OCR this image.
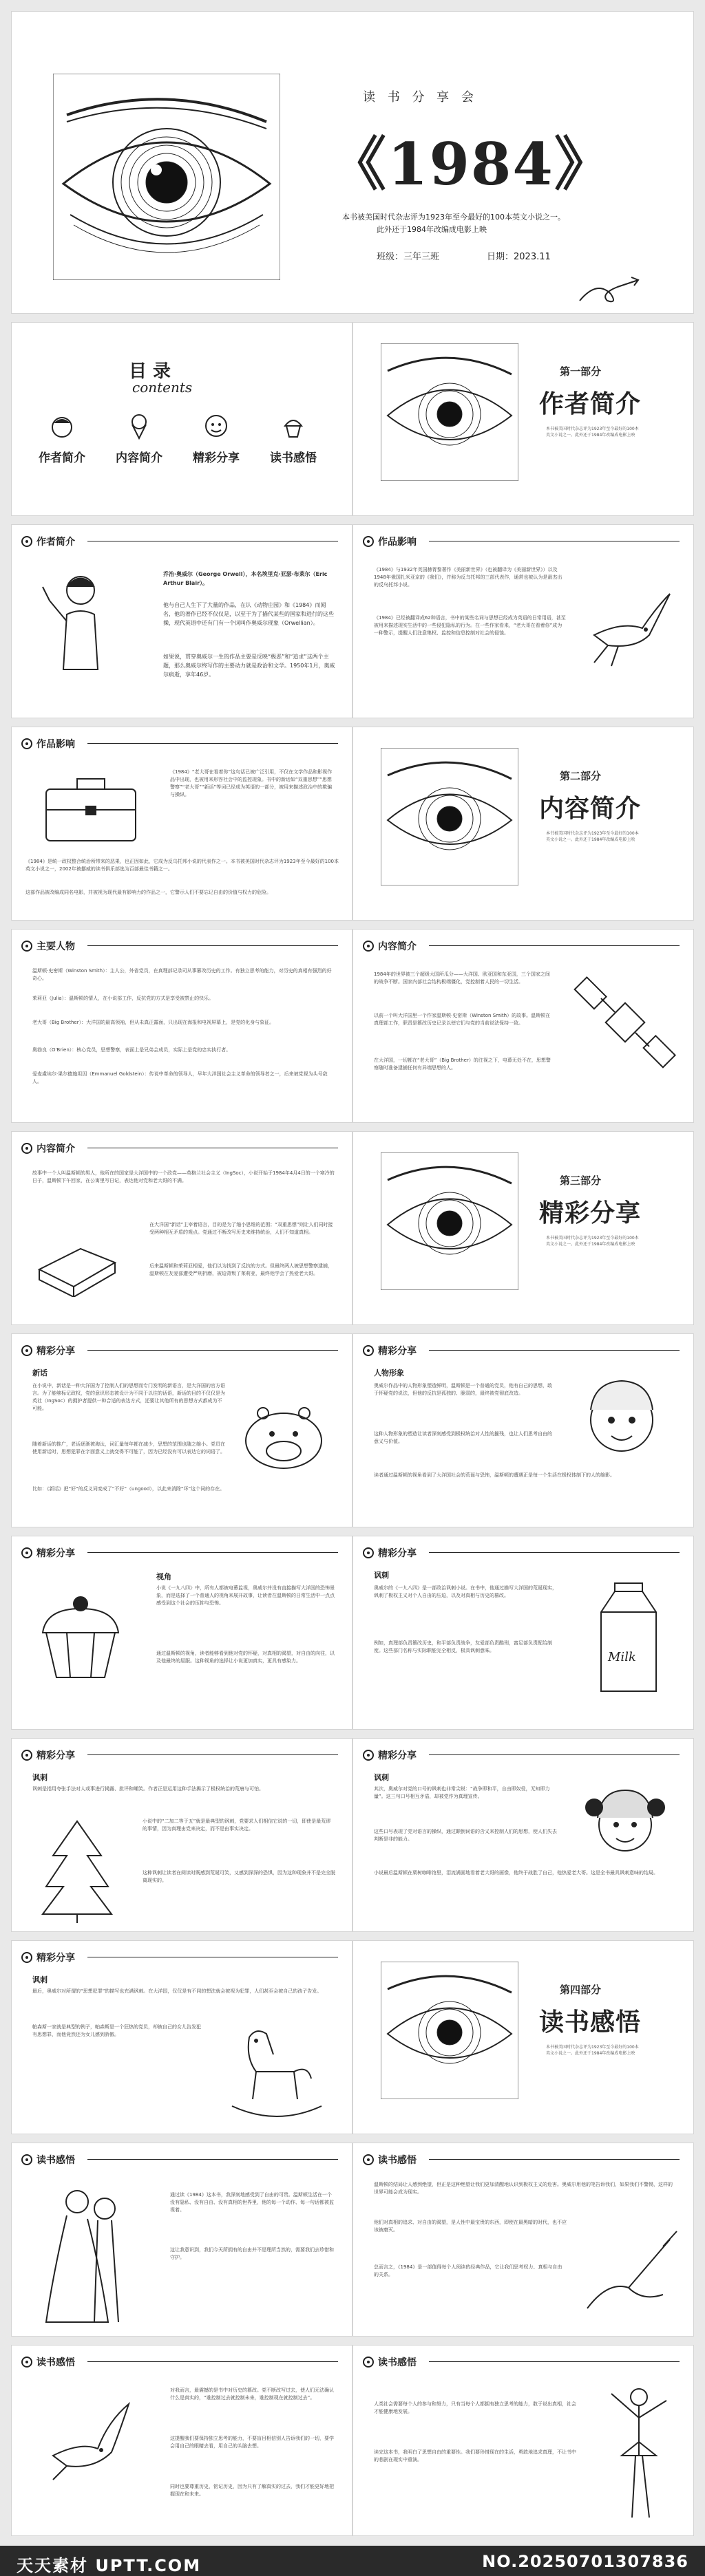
读 书 分 享 会
《1984》
本书被美国时代杂志评为1923年至今最好的100本英文小说之一。
此外还于1984年改编成电影上映
班级：三年三班	日期：2023.11
目 录
contents
作者简介	内容简介	精彩分享	读书感悟
第一部分
作者简介
本书被美国时代杂志评为1923年至今最好的100本英文小说之一。此外还于1984年改编成电影上映
作者简介
乔治·奥威尔（George Orwell），本名埃里克·亚瑟·布莱尔（Eric Arthur Blair）。
他与自己人生下了大量的作品，在认《动物庄园》和《1984》而闻名，他的著作已经不仅仅是，以至于为了描代某些的国家和进行的这些操，现代英语中还有门有一个词叫作奥威尔现象（Orwellian）。
如果说，贯穿奥威尔一生的作品主要是反映“极恶”和“追求”这两个主题，那么奥威尔终写作的主要动力就是政治和文学。1950年1月，奥威尔病逝，享年46岁。
作品影响
《1984》与1932年英国赫胥黎著作《美丽新世界》（也被翻译为《美丽新世界》）以及1948年俄国扎米亚京的《我们》，并称为反乌托邦的三部代表作，通常也被认为是最杰出的反乌托邦小说。
《1984》已经被翻译成62种语言，书中的某些名词与思想已经成为英语的日常用语，甚至被用来描述现实生活中的一些侵犯隐私的行为。在一些作家看来，“老大哥在看着你”成为一种警示，提醒人们注意集权、监控和信息控制对社会的侵蚀。
作品影响
《1984》“老大哥在看着你”这句话已被广泛引用，不仅在文学作品和影视作品中出现，也被用来形容社会中的监控现象。书中的新话如“双重思想”“思想警察”“老大哥”“新话”等词已经成为英语的一部分，被用来描述政治中的欺骗与操纵。
《1984》是统一政权整合统治所带来的恶果，也正因如此，它成为反乌托邦小说的代表作之一。本书被美国时代杂志评为1923年至今最好的100本英文小说之一，2002年被挪威的读书俱乐部选为百部最佳书籍之一。
这部作品被改编成同名电影，并被视为现代最有影响力的作品之一，它警示人们不要忘记自由的价值与权力的危险。
第二部分
内容简介
本书被美国时代杂志评为1923年至今最好的100本英文小说之一。此外还于1984年改编成电影上映
主要人物
温斯顿·史密斯（Winston Smith）：主人公，外省党员，在真理部记录司从事篡改历史的工作。有独立思考的能力，对历史的真相有强烈的好奇心。
茱莉亚（Julia）：温斯顿的情人，在小说部工作，反抗党的方式是享受被禁止的快乐。
老大哥（Big Brother）：大洋国的最高领袖，但从未真正露面，只出现在海报和电视屏幕上，是党的化身与象征。
奥勃良（O'Brien）：核心党员，思想警察，表面上是兄弟会成员，实际上是党的忠实执行者。
爱麦虞埃尔·果尔德施坦因（Emmanuel Goldstein）：传说中革命的领导人，早年大洋国社会主义革命的领导者之一，后来被党视为头号敌人。
内容简介
1984年的世界被三个超级大国所瓜分——大洋国、欧亚国和东亚国，三个国家之间的战争不断。国家内部社会结构极端僵化，党控制着人民的一切生活。
以前一个叫大洋国里一个作家温斯顿·史密斯（Winston Smith）的故事。温斯顿在真理部工作，职责是篡改历史记录以使它们与党的当前说法保持一致。
在大洋国，一切都在“老大哥”（Big Brother）的注视之下，电幕无处不在，思想警察随时准备逮捕任何有异端思想的人。
内容简介
故事中一个人叫温斯顿的男人，他所在的国家是大洋国中的一个政党——英格兰社会主义（IngSoc），小说开始于1984年4月4日的一个寒冷的日子，温斯顿下午回家，在公寓里写日记，表达他对党和老大哥的不满。
在大洋国“新话”主宰着语言，目的是为了缩小思维的范围；“双重思想”则让人们同时接受两种相互矛盾的观点。党通过不断改写历史来维持统治，人们不知道真相。
后来温斯顿和茱莉亚相爱，他们以为找到了反抗的方式。但最终两人被思想警察逮捕，温斯顿在友爱部遭受严刑折磨，被迫背叛了茱莉亚，最终他学会了热爱老大哥。
第三部分
精彩分享
本书被美国时代杂志评为1923年至今最好的100本英文小说之一。此外还于1984年改编成电影上映
精彩分享
新话
在小说中，新话是一种大洋国为了控制人们的思想而专门发明的新语言，是大洋国的官方语言。为了能够标记政权，党的意识形态被设计为不同于以往的话语，新话的目的不仅仅是为英社（IngSoc）的拥护者提供一种合适的表达方式，还要让其他所有的思想方式都成为不可能。
随着新话的推广，老话逐渐被淘汰，词汇量每年都在减少，思想的范围也随之缩小。党员在使用新话时，思想犯罪在字面意义上就变得不可能了，因为已经没有可以表达它的词语了。
比如：《新话》把“好”的反义词变成了“不好”（ungood），以此来消除“坏”这个词的存在。
精彩分享
人物形象
奥威尔作品中的人物形象塑造鲜明，温斯顿是一个普通的党员，他有自己的思想，敢于怀疑党的说法，但他的反抗是孤独的、脆弱的，最终被党彻底改造。
这种人物形象的塑造让读者深刻感受到极权统治对人性的摧残，也让人们思考自由的意义与价值。
读者通过温斯顿的视角看到了大洋国社会的荒诞与恐怖，温斯顿的遭遇正是每一个生活在极权体制下的人的缩影。
精彩分享
视角
小说《一九八四》中，所有人都被电幕监视，奥威尔并没有直接描写大洋国的恐怖景象，而是选择了一个普通人的视角来展开故事，让读者在温斯顿的日常生活中一点点感受到这个社会的压抑与恐怖。
通过温斯顿的视角，读者能够看到他对党的怀疑，对真相的渴望，对自由的向往，以及他最终的屈服。这种视角的选择让小说更加真实，更具有感染力。
精彩分享
讽刺
奥威尔的《一九八四》是一部政治讽刺小说。在书中，他通过描写大洋国的荒诞现实，讽刺了极权主义对个人自由的压迫，以及对真相与历史的篡改。
例如，真理部负责篡改历史，和平部负责战争，友爱部负责酷刑，富足部负责配给制度。这些部门名称与实际职能完全相反，极具讽刺意味。	Milk
精彩分享
讽刺
讽刺是指用夸张手法对人或事进行揭露、批评和嘲笑。作者正是运用这种手法揭示了极权统治的荒唐与可怕。
小说中的“二加二等于五”就是最典型的讽刺，党要求人们相信它说的一切，即使是最荒谬的事情，因为真理由党来决定，而不是由事实决定。
这种讽刺让读者在阅读时既感到荒诞可笑，又感到深深的恐惧，因为这种现象并不是完全脱离现实的。
精彩分享
讽刺
其次，奥威尔对党的口号的讽刺也非常尖锐：“战争即和平，自由即奴役，无知即力量”。这三句口号相互矛盾，却被党作为真理宣传。
这些口号表现了党对语言的操纵，通过颠倒词语的含义来控制人们的思想，使人们失去判断是非的能力。
小说最后温斯顿在栗树咖啡馆里，泪流满面地看着老大哥的画像，他终于战胜了自己，他热爱老大哥。这是全书最具讽刺意味的结局。
精彩分享
讽刺
最后，奥威尔对所谓的“思想犯罪”的描写也充满讽刺。在大洋国，仅仅是有不同的想法就会被视为犯罪，人们甚至会被自己的孩子告发。
帕森斯一家就是典型的例子，帕森斯是一个狂热的党员，却被自己的女儿告发犯有思想罪，而他竟然还为女儿感到骄傲。
第四部分
读书感悟
本书被美国时代杂志评为1923年至今最好的100本英文小说之一。此外还于1984年改编成电影上映
读书感悟
通过读《1984》这本书，我深刻地感受到了自由的可贵。温斯顿生活在一个没有隐私、没有自由、没有真相的世界里，他的每一个动作、每一句话都被监视着。
这让我意识到，我们今天所拥有的自由并不是理所当然的，需要我们去珍惜和守护。
读书感悟
温斯顿的结局让人感到绝望，但正是这种绝望让我们更加清醒地认识到极权主义的危害。奥威尔用他的笔告诉我们，如果我们不警惕，这样的世界可能会成为现实。
他们对真相的追求、对自由的渴望，是人性中最宝贵的东西，即使在最黑暗的时代，也不应该被磨灭。
总而言之，《1984》是一部值得每个人阅读的经典作品，它让我们思考权力、真相与自由的关系。
读书感悟
对我而言，最震撼的是书中对历史的篡改。党不断改写过去，使人们无法确认什么是真实的，“谁控制过去就控制未来，谁控制现在就控制过去”。
这提醒我们要保持独立思考的能力，不要盲目相信别人告诉我们的一切，要学会用自己的眼睛去看，用自己的头脑去想。
同时也要尊重历史，铭记历史，因为只有了解真实的过去，我们才能更好地把握现在和未来。
读书感悟
人类社会需要每个人的参与和努力，只有当每个人都拥有独立思考的能力，敢于说出真相，社会才能健康地发展。
读完这本书，我明白了思想自由的重要性。我们要珍惜现在的生活，勇敢地追求真理，不让书中的悲剧在现实中重演。
天天素材 UPTT.COM	NO.20250701307836
